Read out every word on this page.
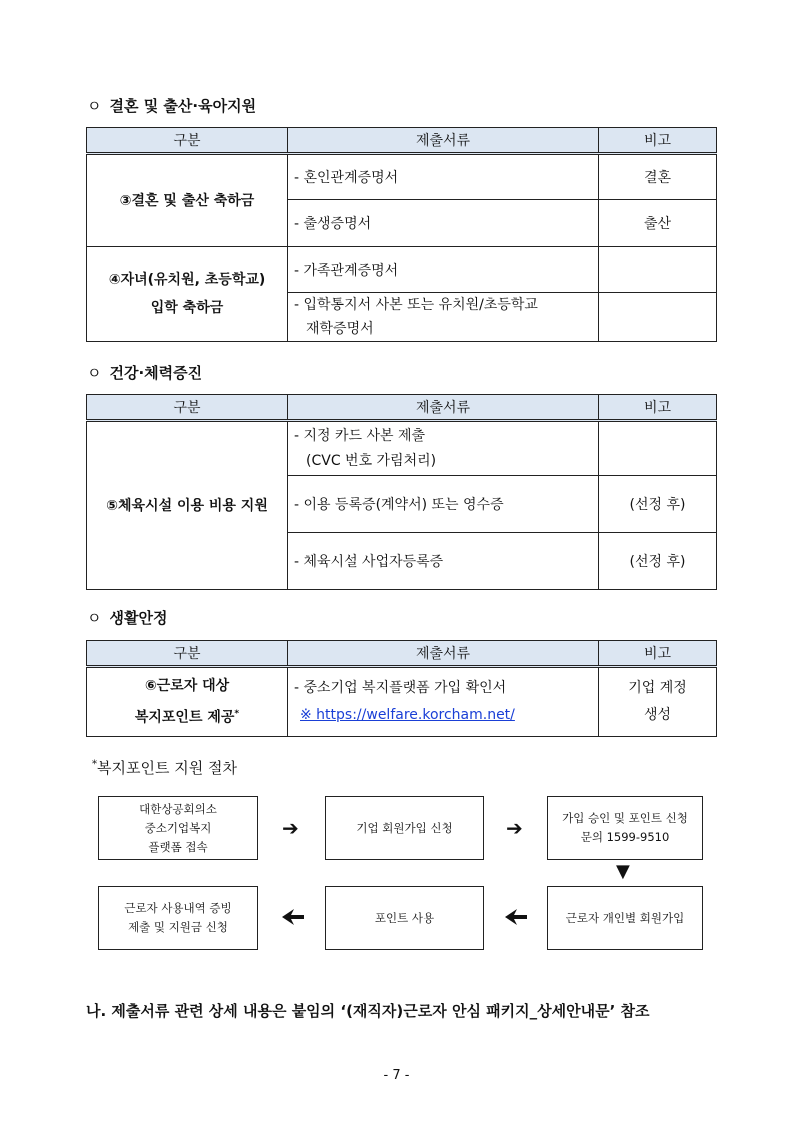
ㅇ 결혼 및 출산·육아지원
구분	제출서류	비고
③결혼 및 출산 축하금	- 혼인관계증명서	결혼
	- 출생증명서	출산
④자녀(유치원, 초등학교)
입학 축하금	- 가족관계증명서	
	- 입학통지서 사본 또는 유치원/초등학교
재학증명서	

ㅇ 건강·체력증진
구분	제출서류	비고
⑤체육시설 이용 비용 지원	- 지정 카드 사본 제출
(CVC 번호 가림처리)	

	- 이용 등록증(계약서) 또는 영수증	(선정 후)
	- 체육시설 사업자등록증	(선정 후)
ㅇ 생활안정
구분	제출서류	비고
⑥근로자 대상
복지포인트 제공*	- 중소기업 복지플랫폼 가입 확인서
※ https://welfare.korcham.net/	기업 계정
생성
*복지포인트 지원 절차
대한상공회의소
중소기업복지
플랫폼 접속
➔	기업 회원가입 신청	➔	가입 승인 및 포인트 신청
문의 1599-9510
▼
근로자 개인별 회원가입
포인트 사용
근로자 사용내역 증빙
제출 및 지원금 신청
나. 제출서류 관련 상세 내용은 붙임의 ‘(재직자)근로자 안심 패키지_상세안내문’ 참조
- 7 -
